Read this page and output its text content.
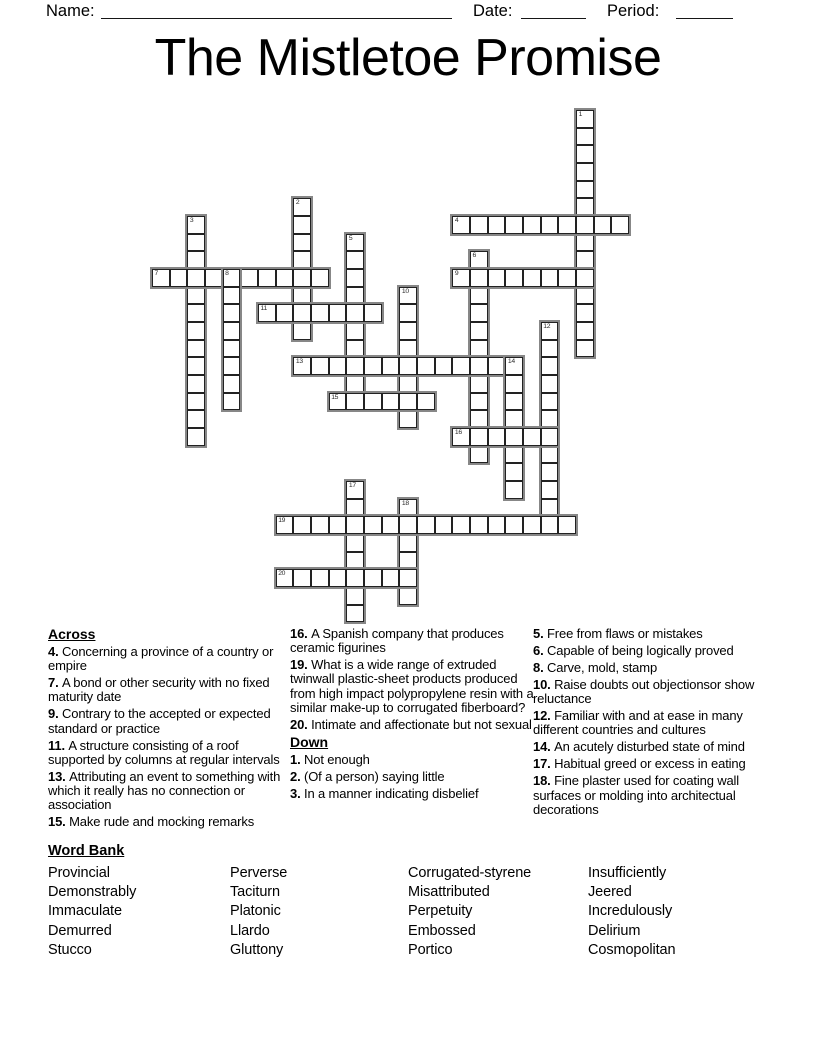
Name:	Date:	Period:
The Mistletoe Promise
1
2
3	4
5
6
7	8	9
10
11
12
13	14
15
16
17
18
19
20

Across

4. Concerning a province of a country or empire

7. A bond or other security with no fixed maturity date

9. Contrary to the accepted or expected standard or practice

11. A structure consisting of a roof supported by columns at regular intervals

13. Attributing an event to something with which it really has no connection or association

15. Make rude and mocking remarks

16. A Spanish company that produces ceramic figurines

19. What is a wide range of extruded twinwall plastic-sheet products produced from high impact polypropylene resin with a similar make-up to corrugated fiberboard?

20. Intimate and affectionate but not sexual

Down

1. Not enough

2. (Of a person) saying little

3. In a manner indicating disbelief

5. Free from flaws or mistakes

6. Capable of being logically proved

8. Carve, mold, stamp

10. Raise doubts out objectionsor show reluctance

12. Familiar with and at ease in many different countries and cultures

14. An acutely disturbed state of mind

17. Habitual greed or excess in eating

18. Fine plaster used for coating wall surfaces or molding into architectual decorations

Word Bank
Provincial
Demonstrably
Immaculate
Demurred
Stucco
Perverse
Taciturn
Platonic
Llardo
Gluttony
Corrugated-styrene
Misattributed
Perpetuity
Embossed
Portico
Insufficiently
Jeered
Incredulously
Delirium
Cosmopolitan
